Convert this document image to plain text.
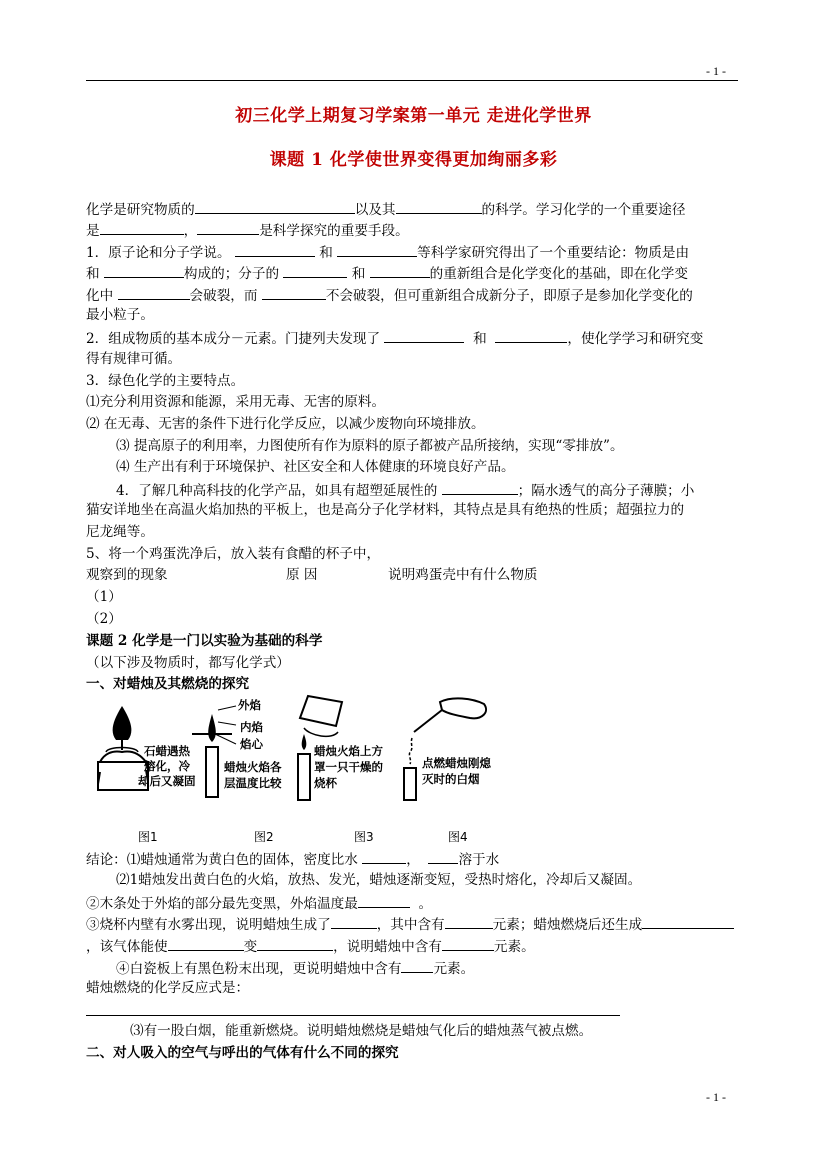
- 1 -
初三化学上期复习学案第一单元 走进化学世界
课题 1 化学使世界变得更加绚丽多彩
化学是研究物质的	以及其	的科学。学习化学的一个重要途径
是	，	是科学探究的重要手段。
1．原子论和分子学说。	和	等科学家研究得出了一个重要结论：物质是由
和	构成的；分子的	和	的重新组合是化学变化的基础，即在化学变
化中	会破裂，而	不会破裂，但可重新组合成新分子，即原子是参加化学变化的
最小粒子。
2．组成物质的基本成分－元素。门捷列夫发现了	和	，使化学学习和研究变
得有规律可循。
3．绿色化学的主要特点。
⑴充分利用资源和能源，采用无毒、无害的原料。
⑵ 在无毒、无害的条件下进行化学反应，以减少废物向环境排放。
⑶ 提高原子的利用率，力图使所有作为原料的原子都被产品所接纳，实现“零排放”。
⑷ 生产出有利于环境保护、社区安全和人体健康的环境良好产品。
4．了解几种高科技的化学产品，如具有超塑延展性的	；隔水透气的高分子薄膜；小
猫安详地坐在高温火焰加热的平板上，也是高分子化学材料，其特点是具有绝热的性质；超强拉力的
尼龙绳等。
5、将一个鸡蛋洗净后，放入装有食醋的杯子中，
观察到的现象	原 因	说明鸡蛋壳中有什么物质
（1）
（2）
课题 2 化学是一门以实验为基础的科学
（以下涉及物质时，都写化学式）
一、对蜡烛及其燃烧的探究
外焰
内焰
焰心
石蜡遇热
熔化，冷
却后又凝固
蜡烛火焰各
层温度比较
蜡烛火焰上方
罩一只干燥的
烧杯
点燃蜡烛刚熄
灭时的白烟
图1	图2	图3	图4
结论：⑴蜡烛通常为黄白色的固体，密度比水	，	溶于水
⑵1蜡烛发出黄白色的火焰，放热、发光，蜡烛逐渐变短，受热时熔化，冷却后又凝固。
②木条处于外焰的部分最先变黑，外焰温度最	。
③烧杯内壁有水雾出现，说明蜡烛生成了	，其中含有	元素；蜡烛燃烧后还生成
，该气体能使	变	，说明蜡烛中含有	元素。
④白瓷板上有黑色粉末出现，更说明蜡烛中含有 元素。
蜡烛燃烧的化学反应式是：
⑶有一股白烟，能重新燃烧。说明蜡烛燃烧是蜡烛气化后的蜡烛蒸气被点燃。
二、对人吸入的空气与呼出的气体有什么不同的探究
- 1 -
